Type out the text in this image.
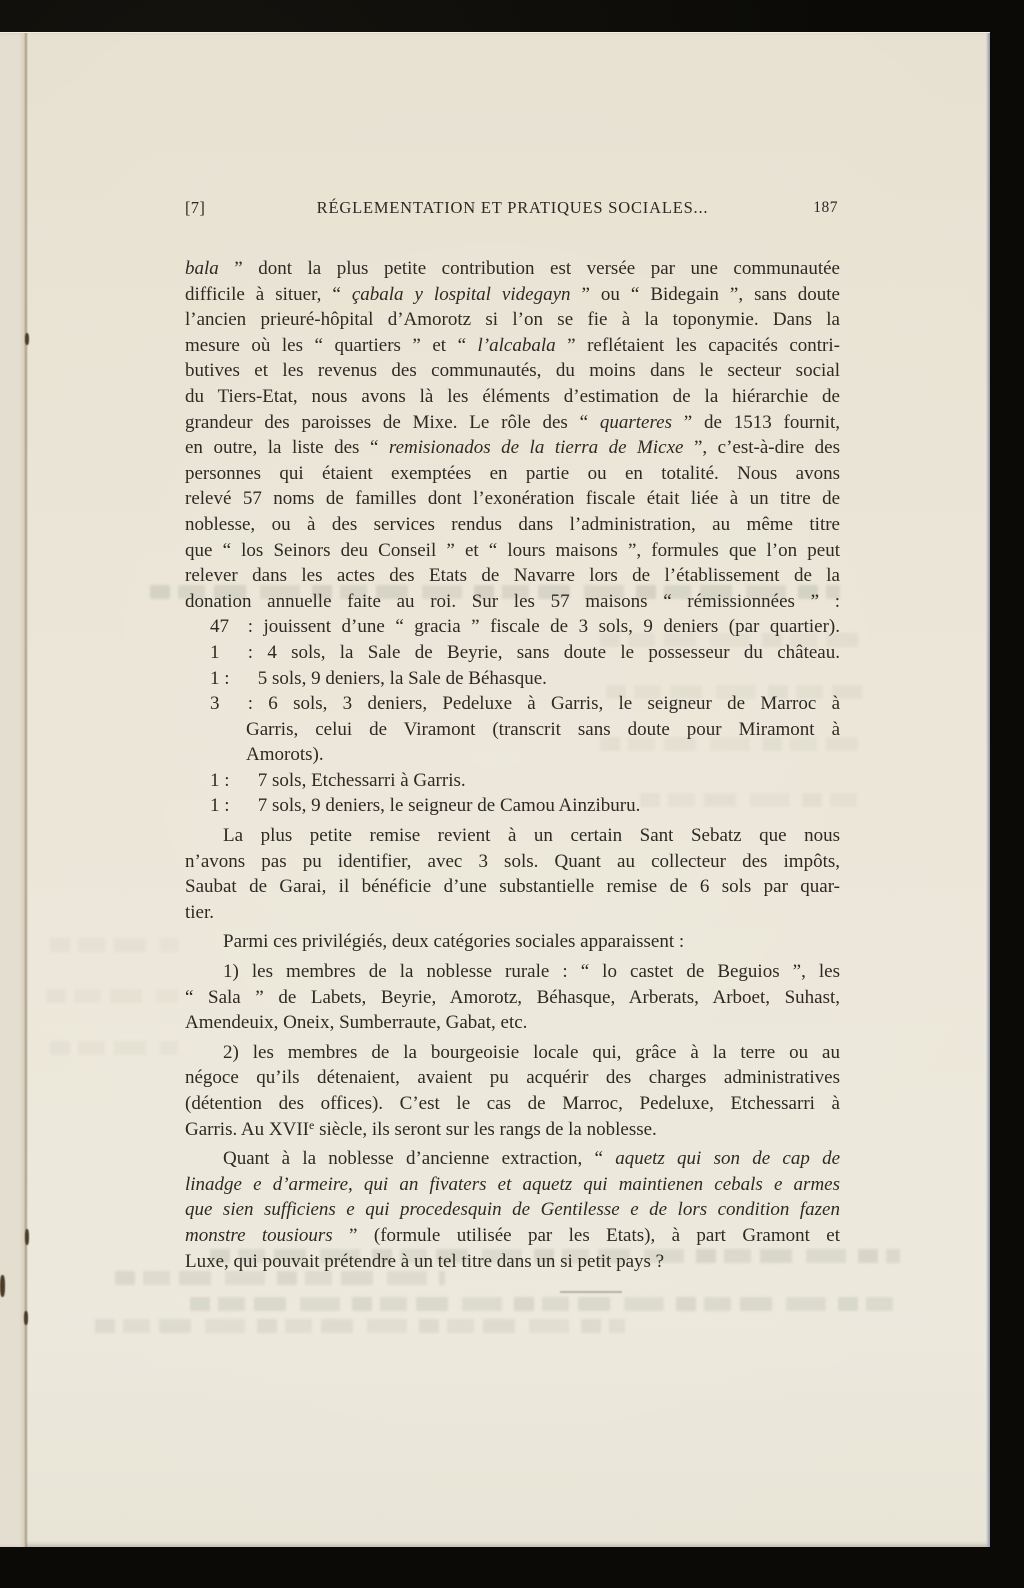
[7]	RÉGLEMENTATION ET PRATIQUES SOCIALES...	187
bala ” dont la plus petite contribution est versée par une communautée
difficile à situer, “ çabala y lospital videgayn ” ou “ Bidegain ”, sans doute
l’ancien prieuré-hôpital d’Amorotz si l’on se fie à la toponymie. Dans la
mesure où les “ quartiers ” et “ l’alcabala ” reflétaient les capacités contri-
butives et les revenus des communautés, du moins dans le secteur social
du Tiers-Etat, nous avons là les éléments d’estimation de la hiérarchie de
grandeur des paroisses de Mixe. Le rôle des “ quarteres ” de 1513 fournit,
en outre, la liste des “ remisionados de la tierra de Micxe ”, c’est-à-dire des
personnes qui étaient exemptées en partie ou en totalité. Nous avons
relevé 57 noms de familles dont l’exonération fiscale était liée à un titre de
noblesse, ou à des services rendus dans l’administration, au même titre
que “ los Seinors deu Conseil ” et “ lours maisons ”, formules que l’on peut
relever dans les actes des Etats de Navarre lors de l’établissement de la
donation annuelle faite au roi. Sur les 57 maisons “ rémissionnées ” :
47 : jouissent d’une “ gracia ” fiscale de 3 sols, 9 deniers (par quartier).
1 : 4 sols, la Sale de Beyrie, sans doute le possesseur du château.
1 : 5 sols, 9 deniers, la Sale de Béhasque.
3 : 6 sols, 3 deniers, Pedeluxe à Garris, le seigneur de Marroc à
Garris, celui de Viramont (transcrit sans doute pour Miramont à
Amorots).
1 : 7 sols, Etchessarri à Garris.
1 : 7 sols, 9 deniers, le seigneur de Camou Ainziburu.
La plus petite remise revient à un certain Sant Sebatz que nous
n’avons pas pu identifier, avec 3 sols. Quant au collecteur des impôts,
Saubat de Garai, il bénéficie d’une substantielle remise de 6 sols par quar-
tier.
Parmi ces privilégiés, deux catégories sociales apparaissent :
1) les membres de la noblesse rurale : “ lo castet de Beguios ”, les
“ Sala ” de Labets, Beyrie, Amorotz, Béhasque, Arberats, Arboet, Suhast,
Amendeuix, Oneix, Sumberraute, Gabat, etc.
2) les membres de la bourgeoisie locale qui, grâce à la terre ou au
négoce qu’ils détenaient, avaient pu acquérir des charges administratives
(détention des offices). C’est le cas de Marroc, Pedeluxe, Etchessarri à
Garris. Au XVIIe siècle, ils seront sur les rangs de la noblesse.
Quant à la noblesse d’ancienne extraction, “ aquetz qui son de cap de
linadge e d’armeire, qui an fivaters et aquetz qui maintienen cebals e armes
que sien sufficiens e qui procedesquin de Gentilesse e de lors condition fazen
monstre tousiours ” (formule utilisée par les Etats), à part Gramont et
Luxe, qui pouvait prétendre à un tel titre dans un si petit pays ?
